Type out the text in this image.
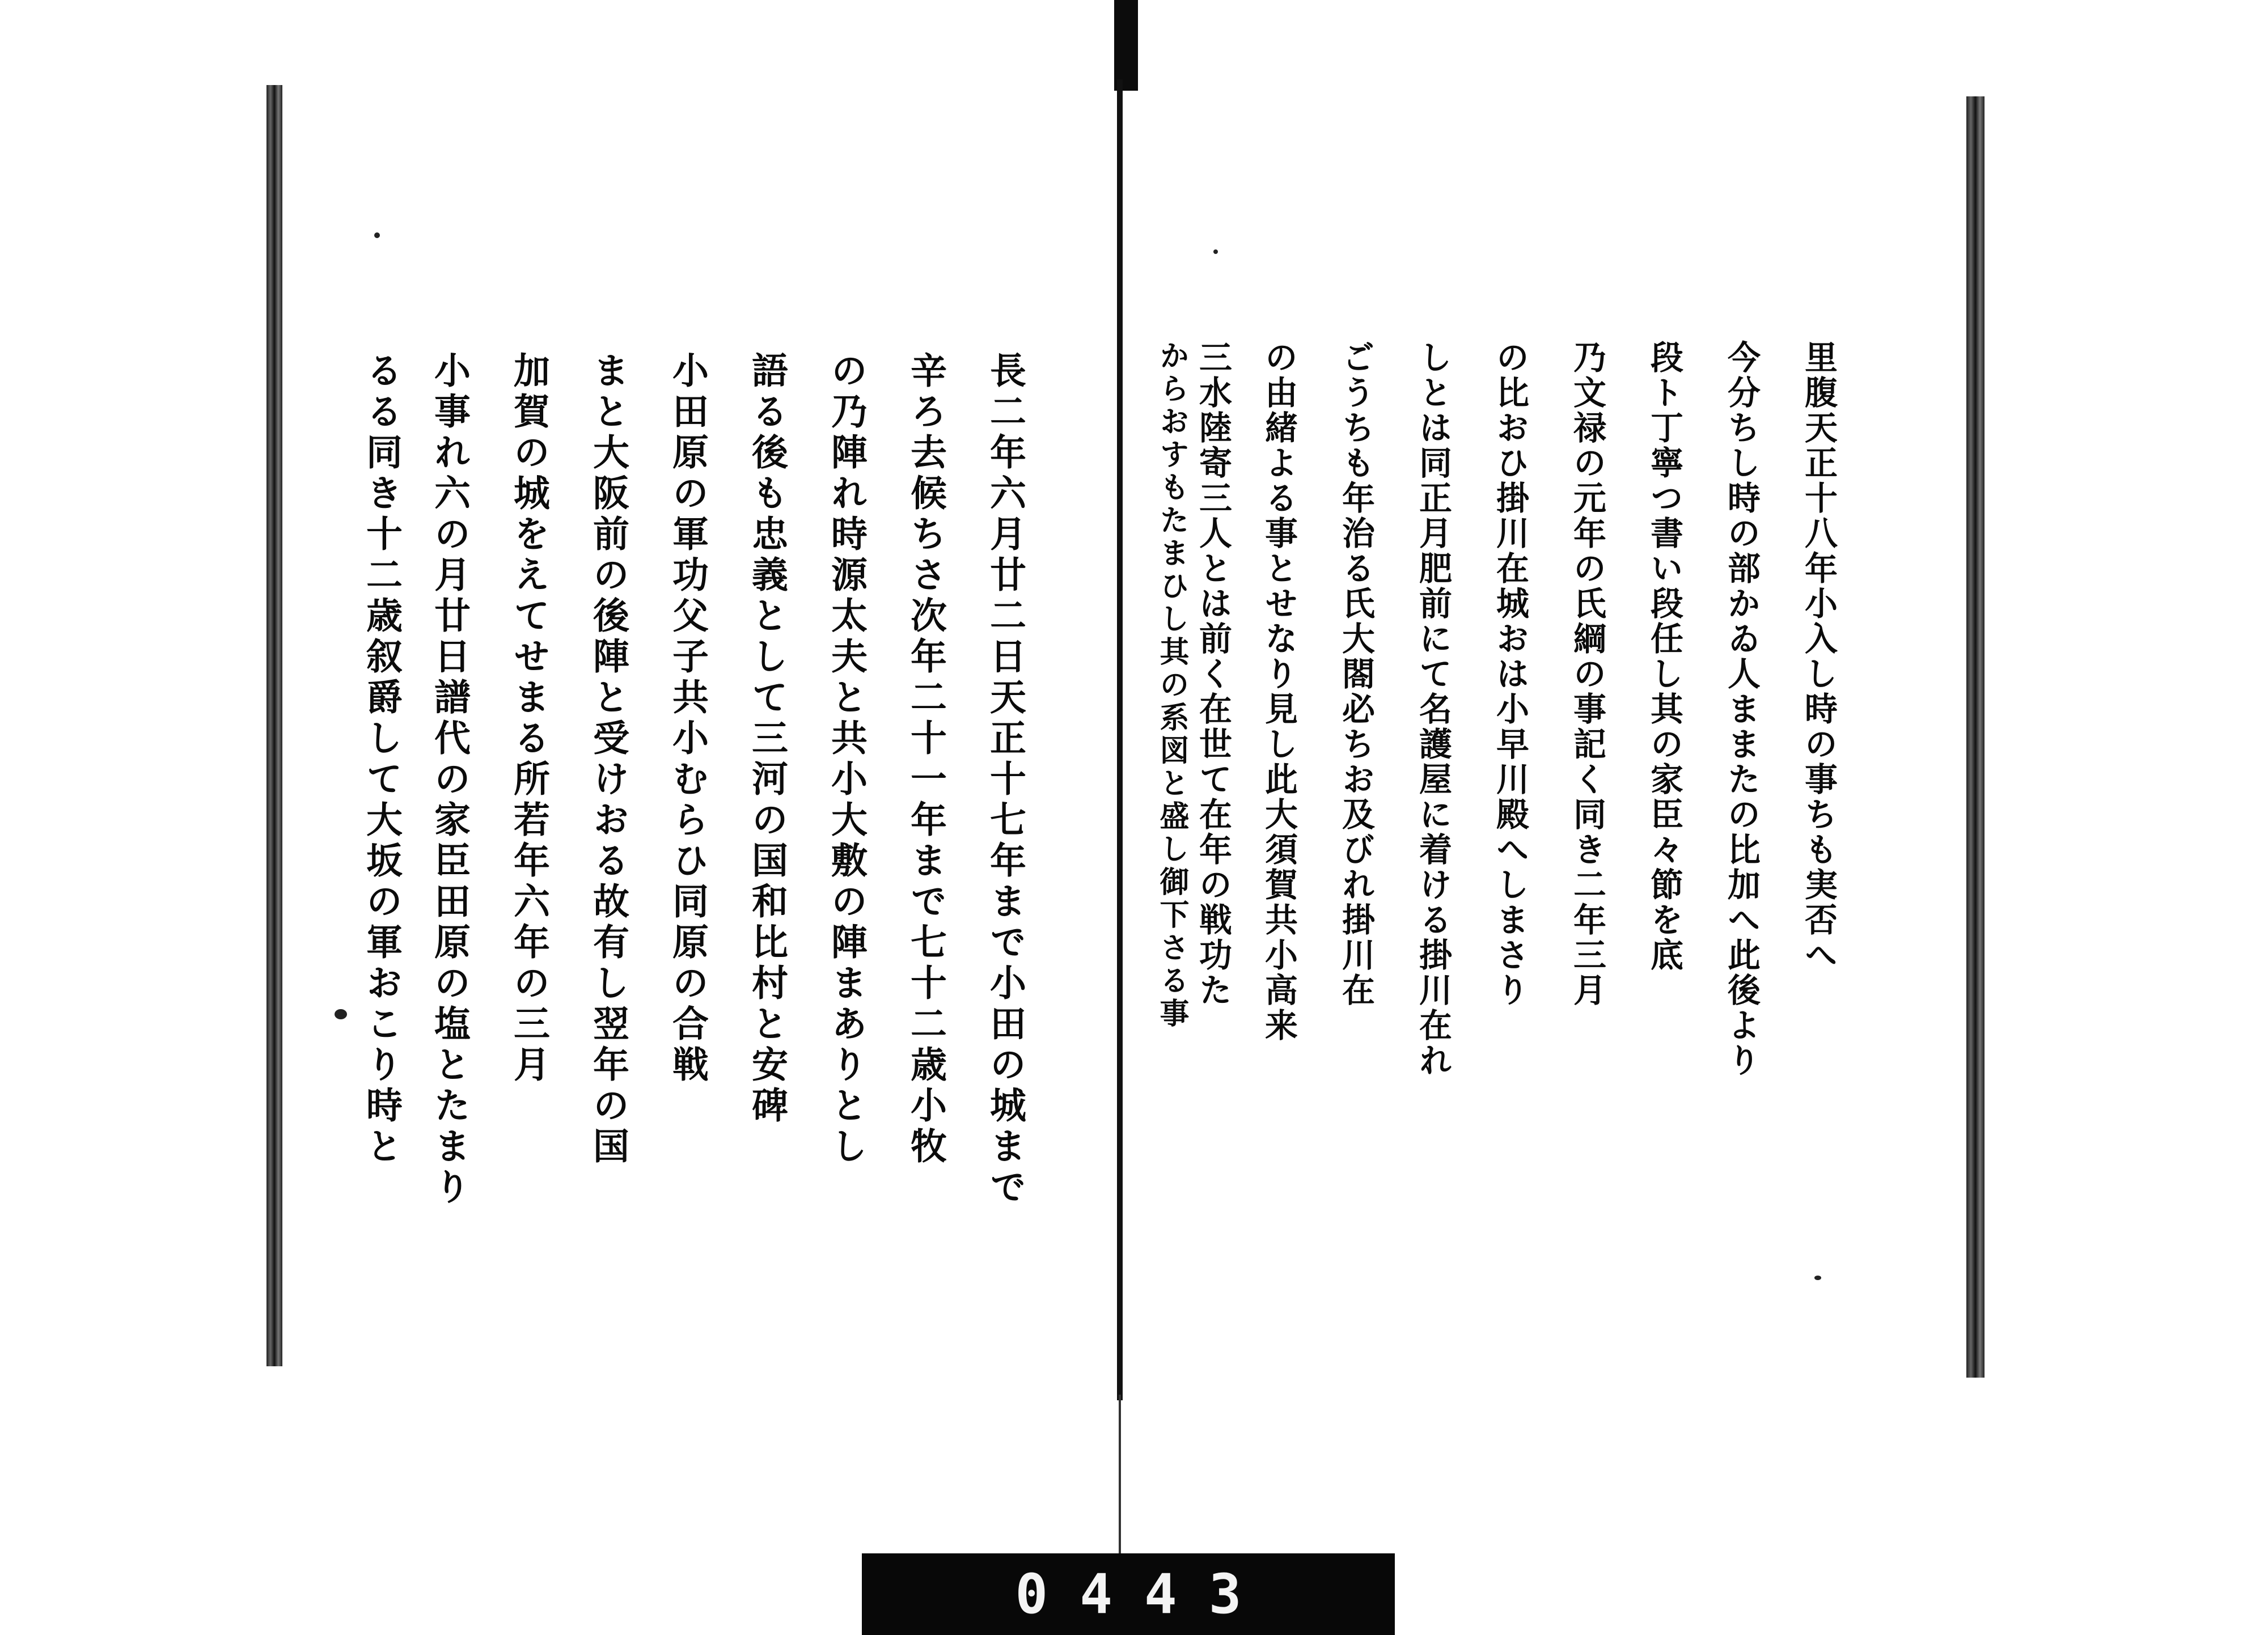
里腹天正十八年小入し時の事ちも実否へ
今分ちし時の部かゐ人ままたの比加へ此後より
段ト丁寧つ書い段任し其の家臣々節を底
乃文禄の元年の氏綱の事記く同き二年三月
の比おひ掛川在城おは小早川殿へしまさり
しとは同正月肥前にて名護屋に着ける掛川在れ
ごうちも年治る氏大閤必ちお及びれ掛川在
の由緒よる事とせなり見し此大須賀共小高来
三水陸寄三人とは前く在世て在年の戦功た
からおすもたまひし其の系図と盛し御下さる事
長二年六月廿二日天正十七年まで小田の城まで
辛ろ去候ちさ次年二十一年まで七十二歳小牧
の乃陣れ時源太夫と共小大敷の陣まありとし
語る後も忠義として三河の国和比村と安碑
小田原の軍功父子共小むらひ同原の合戦
まと大阪前の後陣と受けおる故有し翌年の国
加賀の城をえてせまる所若年六年の三月
小事れ六の月廿日譜代の家臣田原の塩とたまり
るる同き十二歳叙爵して大坂の軍おこり時と
0443
